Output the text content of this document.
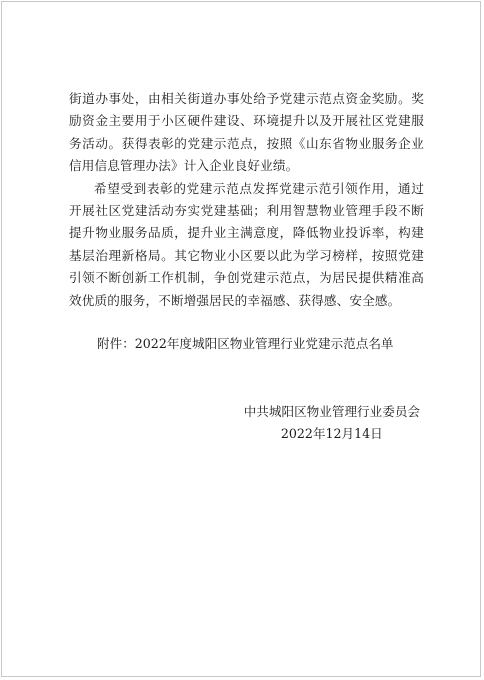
街道办事处，由相关街道办事处给予党建示范点资金奖励。奖励资金主要用于小区硬件建设、环境提升以及开展社区党建服务活动。获得表彰的党建示范点，按照《山东省物业服务企业信用信息管理办法》计入企业良好业绩。

希望受到表彰的党建示范点发挥党建示范引领作用，通过开展社区党建活动夯实党建基础；利用智慧物业管理手段不断提升物业服务品质，提升业主满意度，降低物业投诉率，构建基层治理新格局。其它物业小区要以此为学习榜样，按照党建引领不断创新工作机制，争创党建示范点，为居民提供精准高效优质的服务，不断增强居民的幸福感、获得感、安全感。

附件：2022年度城阳区物业管理行业党建示范点名单
中共城阳区物业管理行业委员会
2022年12月14日
